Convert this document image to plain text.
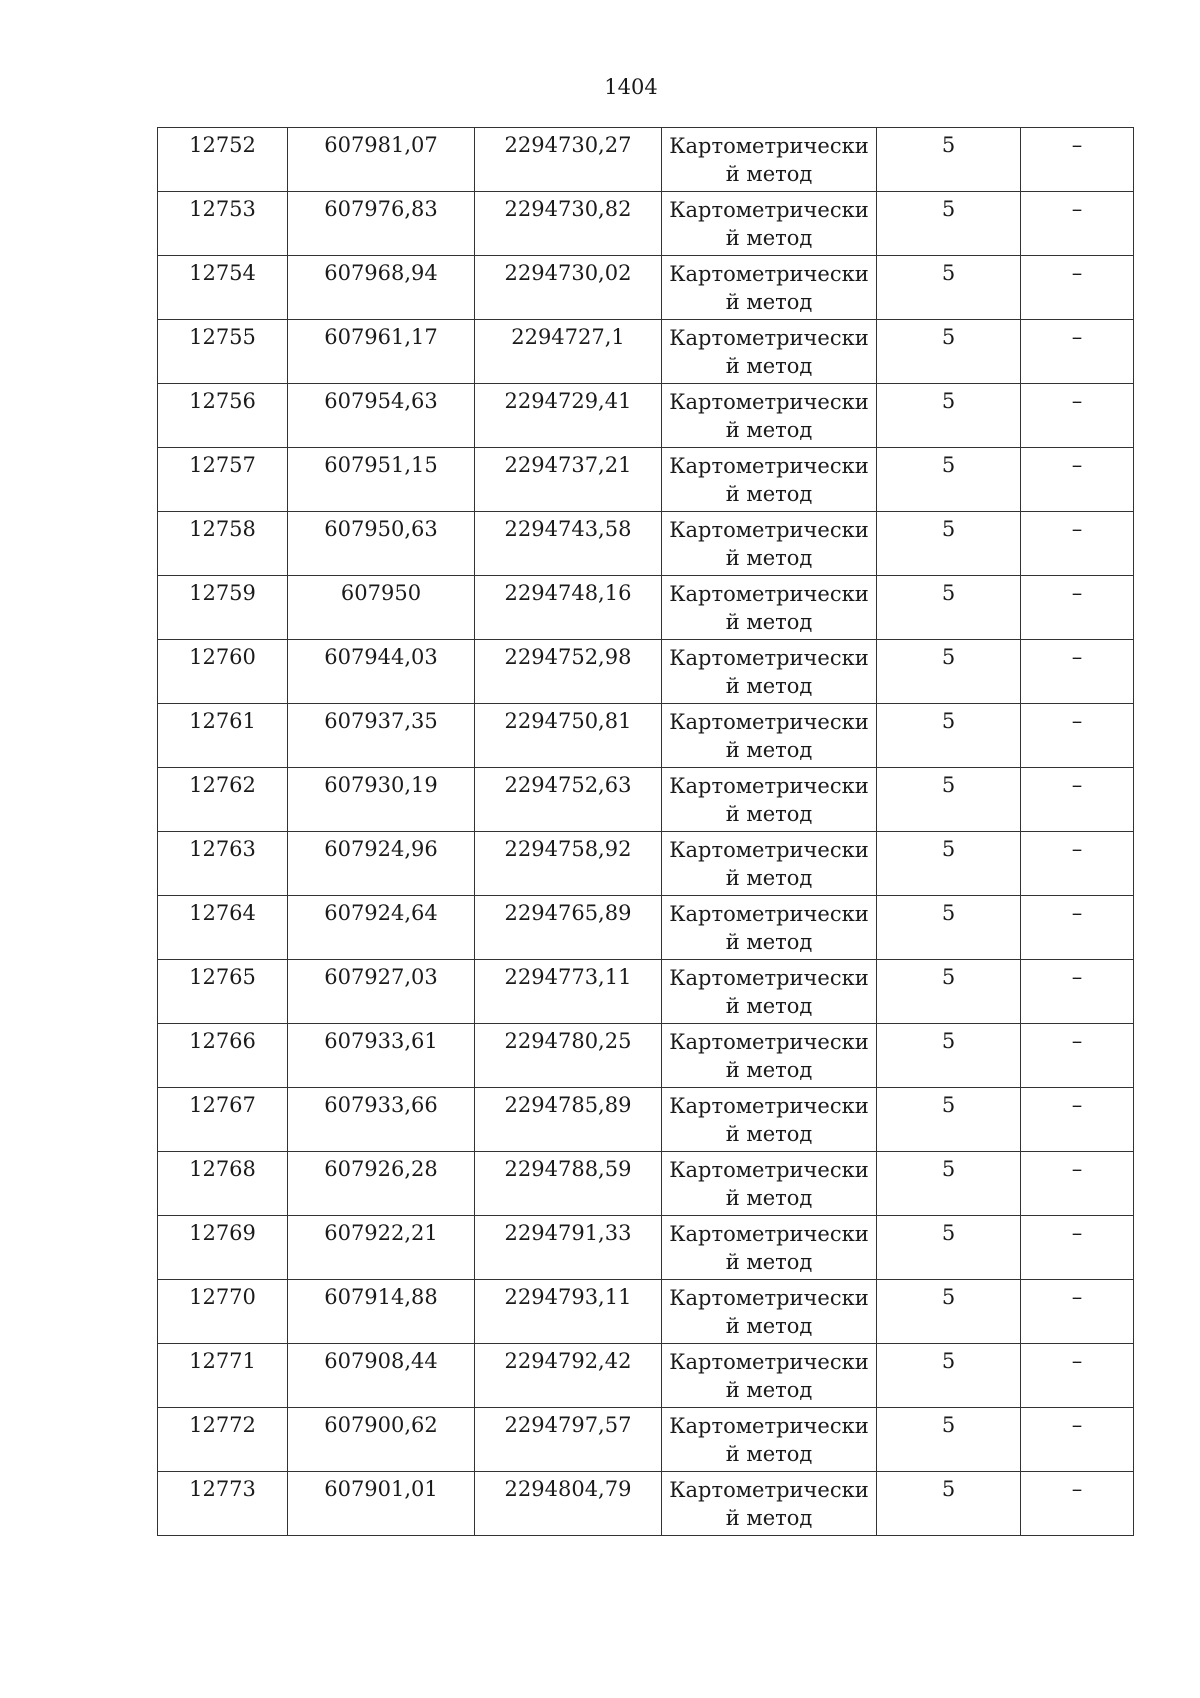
1404
12752	607981,07	2294730,27	Картометрически й метод	5	–

12753	607976,83	2294730,82	Картометрически й метод	5	–

12754	607968,94	2294730,02	Картометрически й метод	5	–

12755	607961,17	2294727,1	Картометрически й метод	5	–

12756	607954,63	2294729,41	Картометрически й метод	5	–

12757	607951,15	2294737,21	Картометрически й метод	5	–

12758	607950,63	2294743,58	Картометрически й метод	5	–

12759	607950	2294748,16	Картометрически й метод	5	–

12760	607944,03	2294752,98	Картометрически й метод	5	–

12761	607937,35	2294750,81	Картометрически й метод	5	–

12762	607930,19	2294752,63	Картометрически й метод	5	–

12763	607924,96	2294758,92	Картометрически й метод	5	–

12764	607924,64	2294765,89	Картометрически й метод	5	–

12765	607927,03	2294773,11	Картометрически й метод	5	–

12766	607933,61	2294780,25	Картометрически й метод	5	–

12767	607933,66	2294785,89	Картометрически й метод	5	–

12768	607926,28	2294788,59	Картометрически й метод	5	–

12769	607922,21	2294791,33	Картометрически й метод	5	–

12770	607914,88	2294793,11	Картометрически й метод	5	–

12771	607908,44	2294792,42	Картометрически й метод	5	–

12772	607900,62	2294797,57	Картометрически й метод	5	–

12773	607901,01	2294804,79	Картометрически й метод	5	–
